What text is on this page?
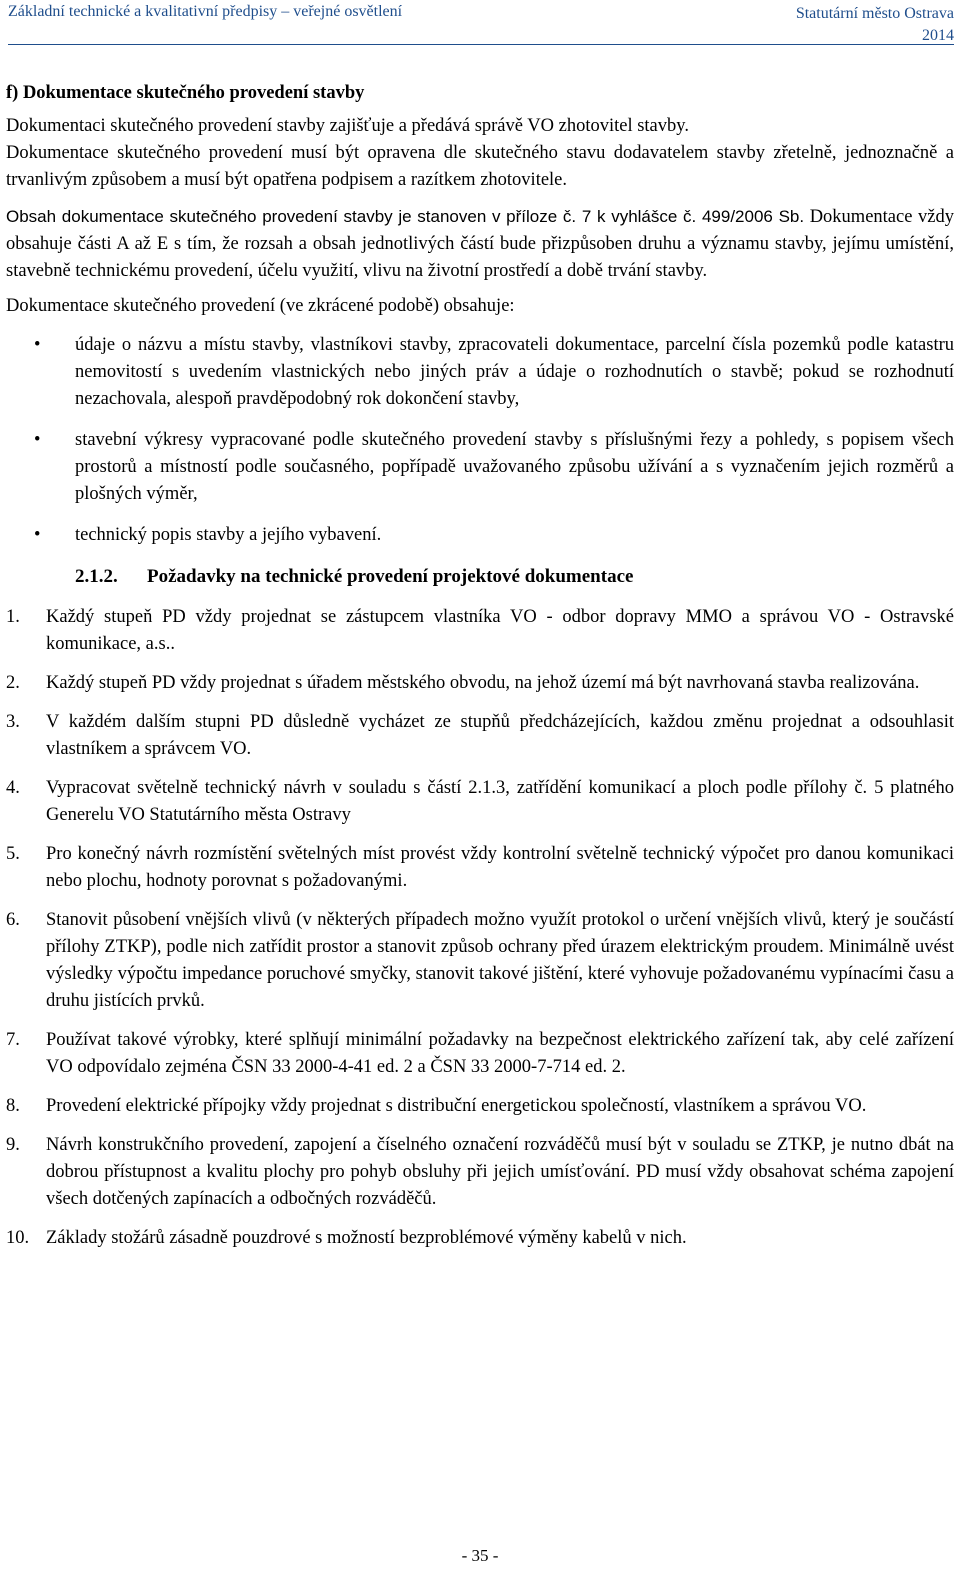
Základní technické a kvalitativní předpisy – veřejné osvětlení	Statutární město Ostrava
2014
f) Dokumentace skutečného provedení stavby

Dokumentaci skutečného provedení stavby zajišťuje a předává správě VO zhotovitel stavby.

Dokumentace skutečného provedení musí být opravena dle skutečného stavu dodavatelem stavby zřetelně, jednoznačně a trvanlivým způsobem a musí být opatřena podpisem a razítkem zhotovitele.

Obsah dokumentace skutečného provedení stavby je stanoven v příloze č. 7 k vyhlášce č. 499/2006 Sb. Dokumentace vždy obsahuje části A až E s tím, že rozsah a obsah jednotlivých částí bude přizpůsoben druhu a významu stavby, jejímu umístění, stavebně technickému provedení, účelu využití, vlivu na životní prostředí a době trvání stavby.

Dokumentace skutečného provedení (ve zkrácené podobě) obsahuje:

• údaje o názvu a místu stavby, vlastníkovi stavby, zpracovateli dokumentace, parcelní čísla pozemků podle katastru nemovitostí s uvedením vlastnických nebo jiných práv a údaje o rozhodnutích o stavbě; pokud se rozhodnutí nezachovala, alespoň pravděpodobný rok dokončení stavby,
• stavební výkresy vypracované podle skutečného provedení stavby s příslušnými řezy a pohledy, s popisem všech prostorů a místností podle současného, popřípadě uvažovaného způsobu užívání a s vyznačením jejich rozměrů a plošných výměr,
• technický popis stavby a jejího vybavení.
2.1.2. Požadavky na technické provedení projektové dokumentace
1. Každý stupeň PD vždy projednat se zástupcem vlastníka VO - odbor dopravy MMO a správou VO - Ostravské komunikace, a.s..
2. Každý stupeň PD vždy projednat s úřadem městského obvodu, na jehož území má být navrhovaná stavba realizována.
3. V každém dalším stupni PD důsledně vycházet ze stupňů předcházejících, každou změnu projednat a odsouhlasit vlastníkem a správcem VO.
4. Vypracovat světelně technický návrh v souladu s částí 2.1.3, zatřídění komunikací a ploch podle přílohy č. 5 platného Generelu VO Statutárního města Ostravy
5. Pro konečný návrh rozmístění světelných míst provést vždy kontrolní světelně technický výpočet pro danou komunikaci nebo plochu, hodnoty porovnat s požadovanými.
6. Stanovit působení vnějších vlivů (v některých případech možno využít protokol o určení vnějších vlivů, který je součástí přílohy ZTKP), podle nich zatřídit prostor a stanovit způsob ochrany před úrazem elektrickým proudem. Minimálně uvést výsledky výpočtu impedance poruchové smyčky, stanovit takové jištění, které vyhovuje požadovanému vypínacími času a druhu jistících prvků.
7. Používat takové výrobky, které splňují minimální požadavky na bezpečnost elektrického zařízení tak, aby celé zařízení VO odpovídalo zejména ČSN 33 2000-4-41 ed. 2 a ČSN 33 2000-7-714 ed. 2.
8. Provedení elektrické přípojky vždy projednat s distribuční energetickou společností, vlastníkem a správou VO.
9. Návrh konstrukčního provedení, zapojení a číselného označení rozváděčů musí být v souladu se ZTKP, je nutno dbát na dobrou přístupnost a kvalitu plochy pro pohyb obsluhy při jejich umísťování. PD musí vždy obsahovat schéma zapojení všech dotčených zapínacích a odbočných rozváděčů.
10. Základy stožárů zásadně pouzdrové s možností bezproblémové výměny kabelů v nich.
- 35 -
